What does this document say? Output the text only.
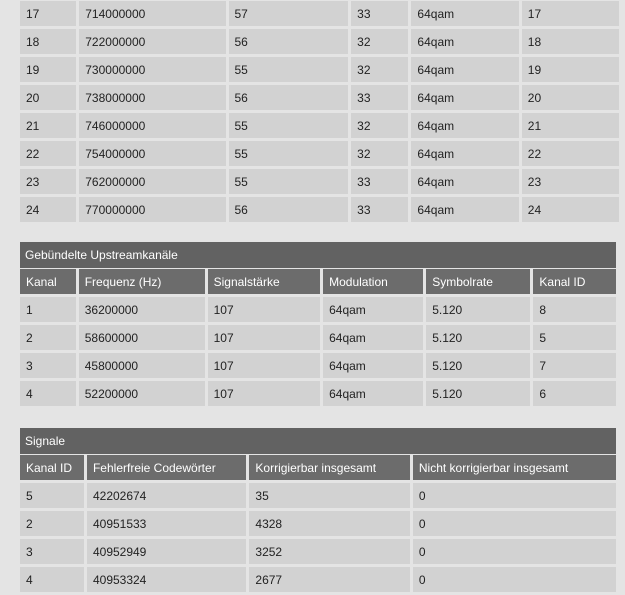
17	714000000	57	33	64qam	17
18	722000000	56	32	64qam	18
19	730000000	55	32	64qam	19
20	738000000	56	33	64qam	20
21	746000000	55	32	64qam	21
22	754000000	55	32	64qam	22
23	762000000	55	33	64qam	23
24	770000000	56	33	64qam	24
Gebündelte Upstreamkanäle
Kanal	Frequenz (Hz)	Signalstärke	Modulation	Symbolrate	Kanal ID
1	36200000	107	64qam	5.120	8
2	58600000	107	64qam	5.120	5
3	45800000	107	64qam	5.120	7
4	52200000	107	64qam	5.120	6
Signale
Kanal ID	Fehlerfreie Codewörter	Korrigierbar insgesamt	Nicht korrigierbar insgesamt
5	42202674	35	0
2	40951533	4328	0
3	40952949	3252	0
4	40953324	2677	0
